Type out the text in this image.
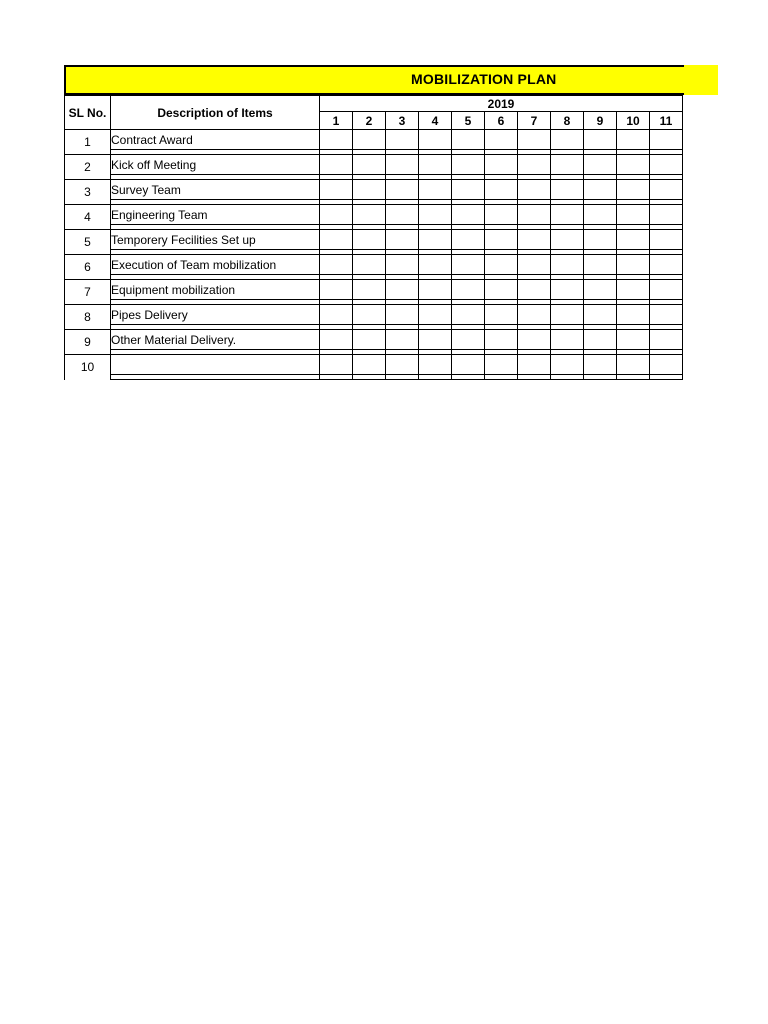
MOBILIZATION PLAN
SL No.	Description of Items	2019										
		1	2	3	4	5	6	7	8	9	10	11
1	Contract Award											

2	Kick off Meeting											

3	Survey Team											

4	Engineering Team											

5	Temporery Fecilities Set up											

6	Execution of Team mobilization											

7	Equipment mobilization											

8	Pipes Delivery											

9	Other Material Delivery.											

10												
